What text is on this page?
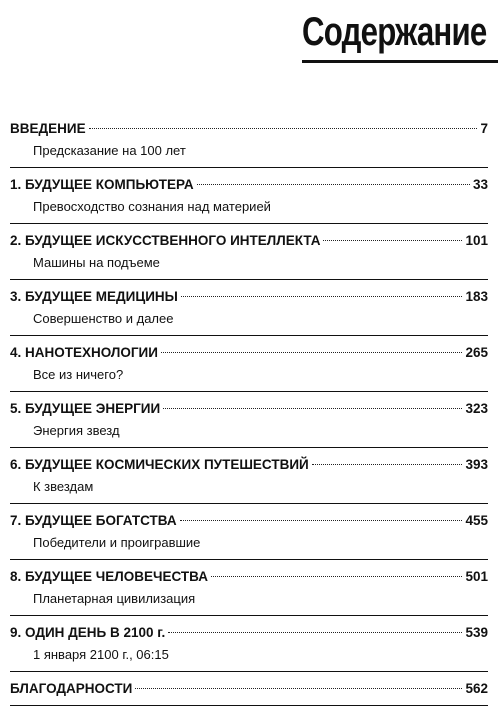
Содержание
ВВЕДЕНИЕ	7
Предсказание на 100 лет
1. БУДУЩЕЕ КОМПЬЮТЕРА	33
Превосходство сознания над материей
2. БУДУЩЕЕ ИСКУССТВЕННОГО ИНТЕЛЛЕКТА	101
Машины на подъеме
3. БУДУЩЕЕ МЕДИЦИНЫ	183
Совершенство и далее
4. НАНОТЕХНОЛОГИИ	265
Все из ничего?
5. БУДУЩЕЕ ЭНЕРГИИ	323
Энергия звезд
6. БУДУЩЕЕ КОСМИЧЕСКИХ ПУТЕШЕСТВИЙ	393
К звездам
7. БУДУЩЕЕ БОГАТСТВА	455
Победители и проигравшие
8. БУДУЩЕЕ ЧЕЛОВЕЧЕСТВА	501
Планетарная цивилизация
9. ОДИН ДЕНЬ В 2100 г.	539
1 января 2100 г., 06:15
БЛАГОДАРНОСТИ	562
